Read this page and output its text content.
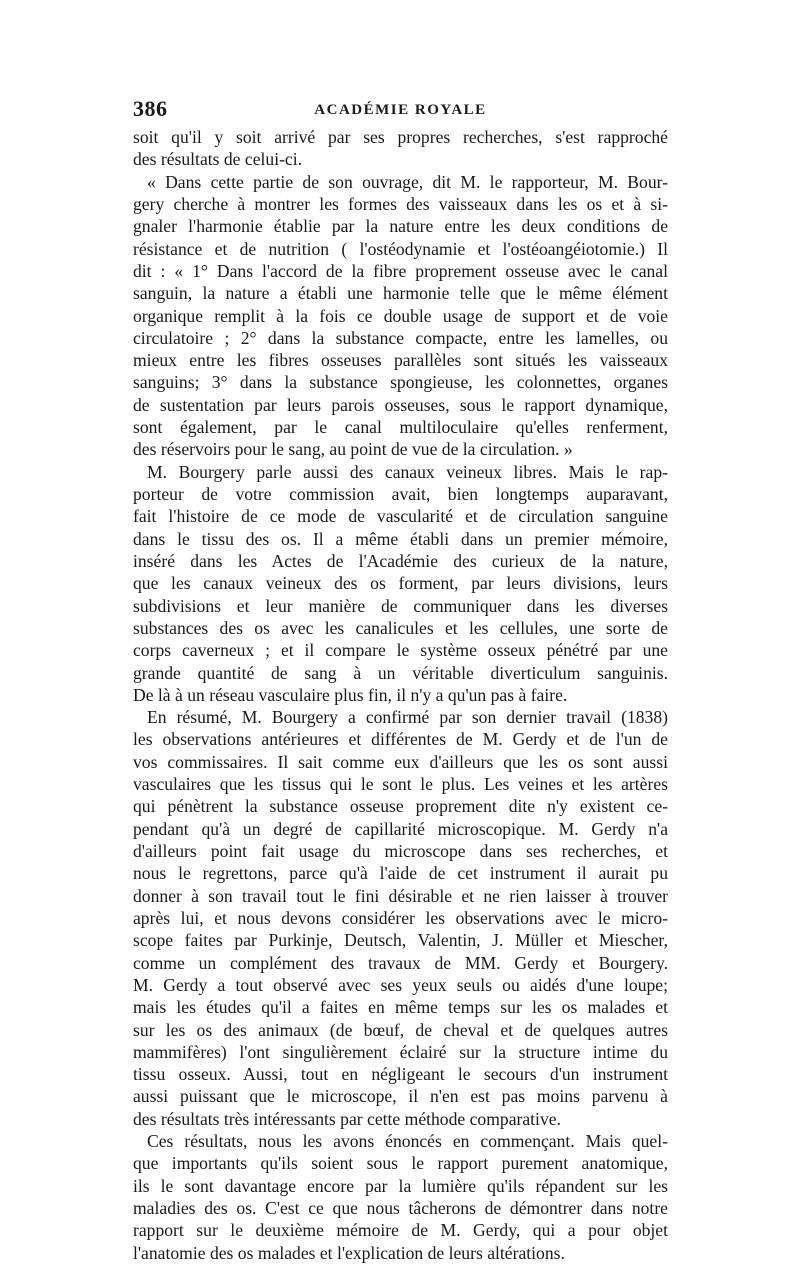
386	ACADÉMIE ROYALE
soit qu'il y soit arrivé par ses propres recherches, s'est rapproché
des résultats de celui-ci.
« Dans cette partie de son ouvrage, dit M. le rapporteur, M. Bour-
gery cherche à montrer les formes des vaisseaux dans les os et à si-
gnaler l'harmonie établie par la nature entre les deux conditions de
résistance et de nutrition ( l'ostéodynamie et l'ostéoangéiotomie.) Il
dit : « 1° Dans l'accord de la fibre proprement osseuse avec le canal
sanguin, la nature a établi une harmonie telle que le même élément
organique remplit à la fois ce double usage de support et de voie
circulatoire ; 2° dans la substance compacte, entre les lamelles, ou
mieux entre les fibres osseuses parallèles sont situés les vaisseaux
sanguins; 3° dans la substance spongieuse, les colonnettes, organes
de sustentation par leurs parois osseuses, sous le rapport dynamique,
sont également, par le canal multiloculaire qu'elles renferment,
des réservoirs pour le sang, au point de vue de la circulation. »
M. Bourgery parle aussi des canaux veineux libres. Mais le rap-
porteur de votre commission avait, bien longtemps auparavant,
fait l'histoire de ce mode de vascularité et de circulation sanguine
dans le tissu des os. Il a même établi dans un premier mémoire,
inséré dans les Actes de l'Académie des curieux de la nature,
que les canaux veineux des os forment, par leurs divisions, leurs
subdivisions et leur manière de communiquer dans les diverses
substances des os avec les canalicules et les cellules, une sorte de
corps caverneux ; et il compare le système osseux pénétré par une
grande quantité de sang à un véritable diverticulum sanguinis.
De là à un réseau vasculaire plus fin, il n'y a qu'un pas à faire.
En résumé, M. Bourgery a confirmé par son dernier travail (1838)
les observations antérieures et différentes de M. Gerdy et de l'un de
vos commissaires. Il sait comme eux d'ailleurs que les os sont aussi
vasculaires que les tissus qui le sont le plus. Les veines et les artères
qui pénètrent la substance osseuse proprement dite n'y existent ce-
pendant qu'à un degré de capillarité microscopique. M. Gerdy n'a
d'ailleurs point fait usage du microscope dans ses recherches, et
nous le regrettons, parce qu'à l'aide de cet instrument il aurait pu
donner à son travail tout le fini désirable et ne rien laisser à trouver
après lui, et nous devons considérer les observations avec le micro-
scope faites par Purkinje, Deutsch, Valentin, J. Müller et Miescher,
comme un complément des travaux de MM. Gerdy et Bourgery.
M. Gerdy a tout observé avec ses yeux seuls ou aidés d'une loupe;
mais les études qu'il a faites en même temps sur les os malades et
sur les os des animaux (de bœuf, de cheval et de quelques autres
mammifères) l'ont singulièrement éclairé sur la structure intime du
tissu osseux. Aussi, tout en négligeant le secours d'un instrument
aussi puissant que le microscope, il n'en est pas moins parvenu à
des résultats très intéressants par cette méthode comparative.
Ces résultats, nous les avons énoncés en commençant. Mais quel-
que importants qu'ils soient sous le rapport purement anatomique,
ils le sont davantage encore par la lumière qu'ils répandent sur les
maladies des os. C'est ce que nous tâcherons de démontrer dans notre
rapport sur le deuxième mémoire de M. Gerdy, qui a pour objet
l'anatomie des os malades et l'explication de leurs altérations.
